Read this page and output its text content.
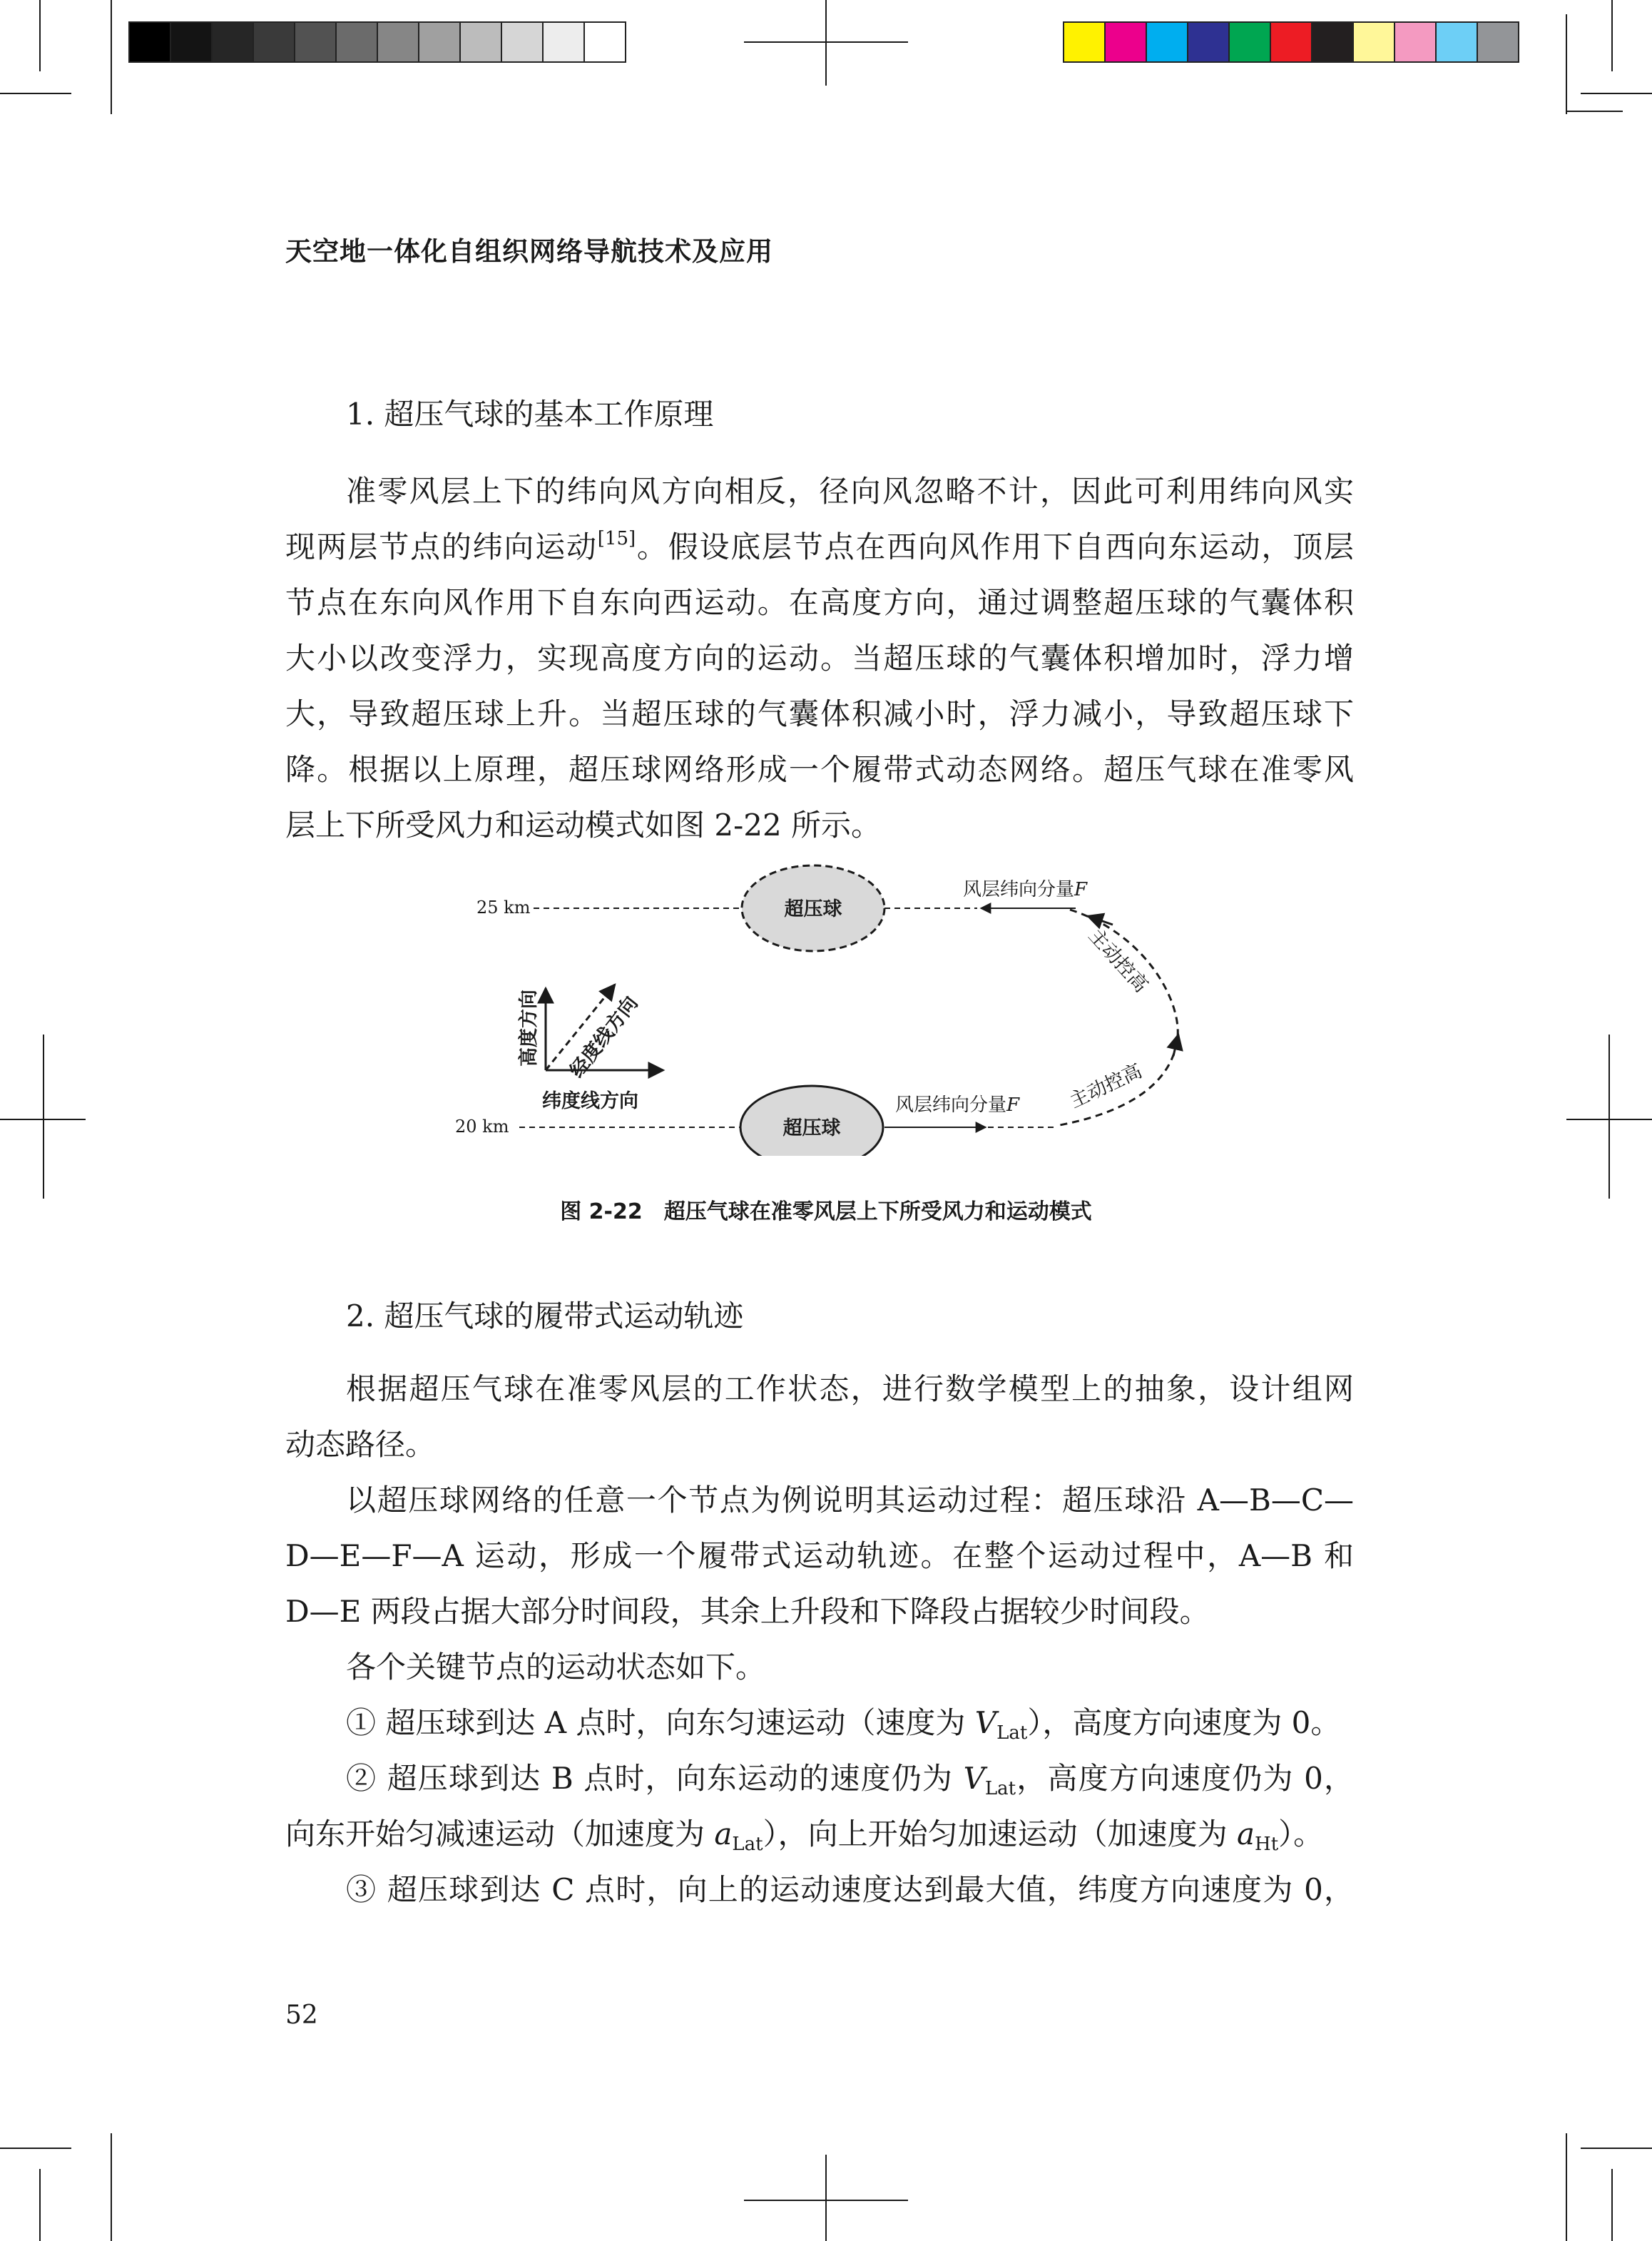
天空地一体化自组织网络导航技术及应用
1. 超压气球的基本工作原理
准零风层上下的纬向风方向相反，径向风忽略不计，因此可利用纬向风实
现两层节点的纬向运动[15]。假设底层节点在西向风作用下自西向东运动，顶层
节点在东向风作用下自东向西运动。在高度方向，通过调整超压球的气囊体积
大小以改变浮力，实现高度方向的运动。当超压球的气囊体积增加时，浮力增
大，导致超压球上升。当超压球的气囊体积减小时，浮力减小，导致超压球下
降。根据以上原理，超压球网络形成一个履带式动态网络。超压气球在准零风
层上下所受风力和运动模式如图 2-22 所示。
25 km	超压球
风层纬向分量F
主动控高
主动控高
高度方向 经度线方向
纬度线方向
20 km	超压球
风层纬向分量F
图 2-22　超压气球在准零风层上下所受风力和运动模式
2. 超压气球的履带式运动轨迹
根据超压气球在准零风层的工作状态，进行数学模型上的抽象，设计组网
动态路径。
以超压球网络的任意一个节点为例说明其运动过程：超压球沿 A—B—C—
D—E—F—A 运动，形成一个履带式运动轨迹。在整个运动过程中，A—B 和
D—E 两段占据大部分时间段，其余上升段和下降段占据较少时间段。
各个关键节点的运动状态如下。
① 超压球到达 A 点时，向东匀速运动（速度为 $V_{Lat}$），高度方向速度为 0。
② 超压球到达 B 点时，向东运动的速度仍为 $V_{Lat}$，高度方向速度仍为 0，
向东开始匀减速运动（加速度为 $a_{Lat}$），向上开始匀加速运动（加速度为 $a_{Ht}$）。
③ 超压球到达 C 点时，向上的运动速度达到最大值，纬度方向速度为 0，
52
